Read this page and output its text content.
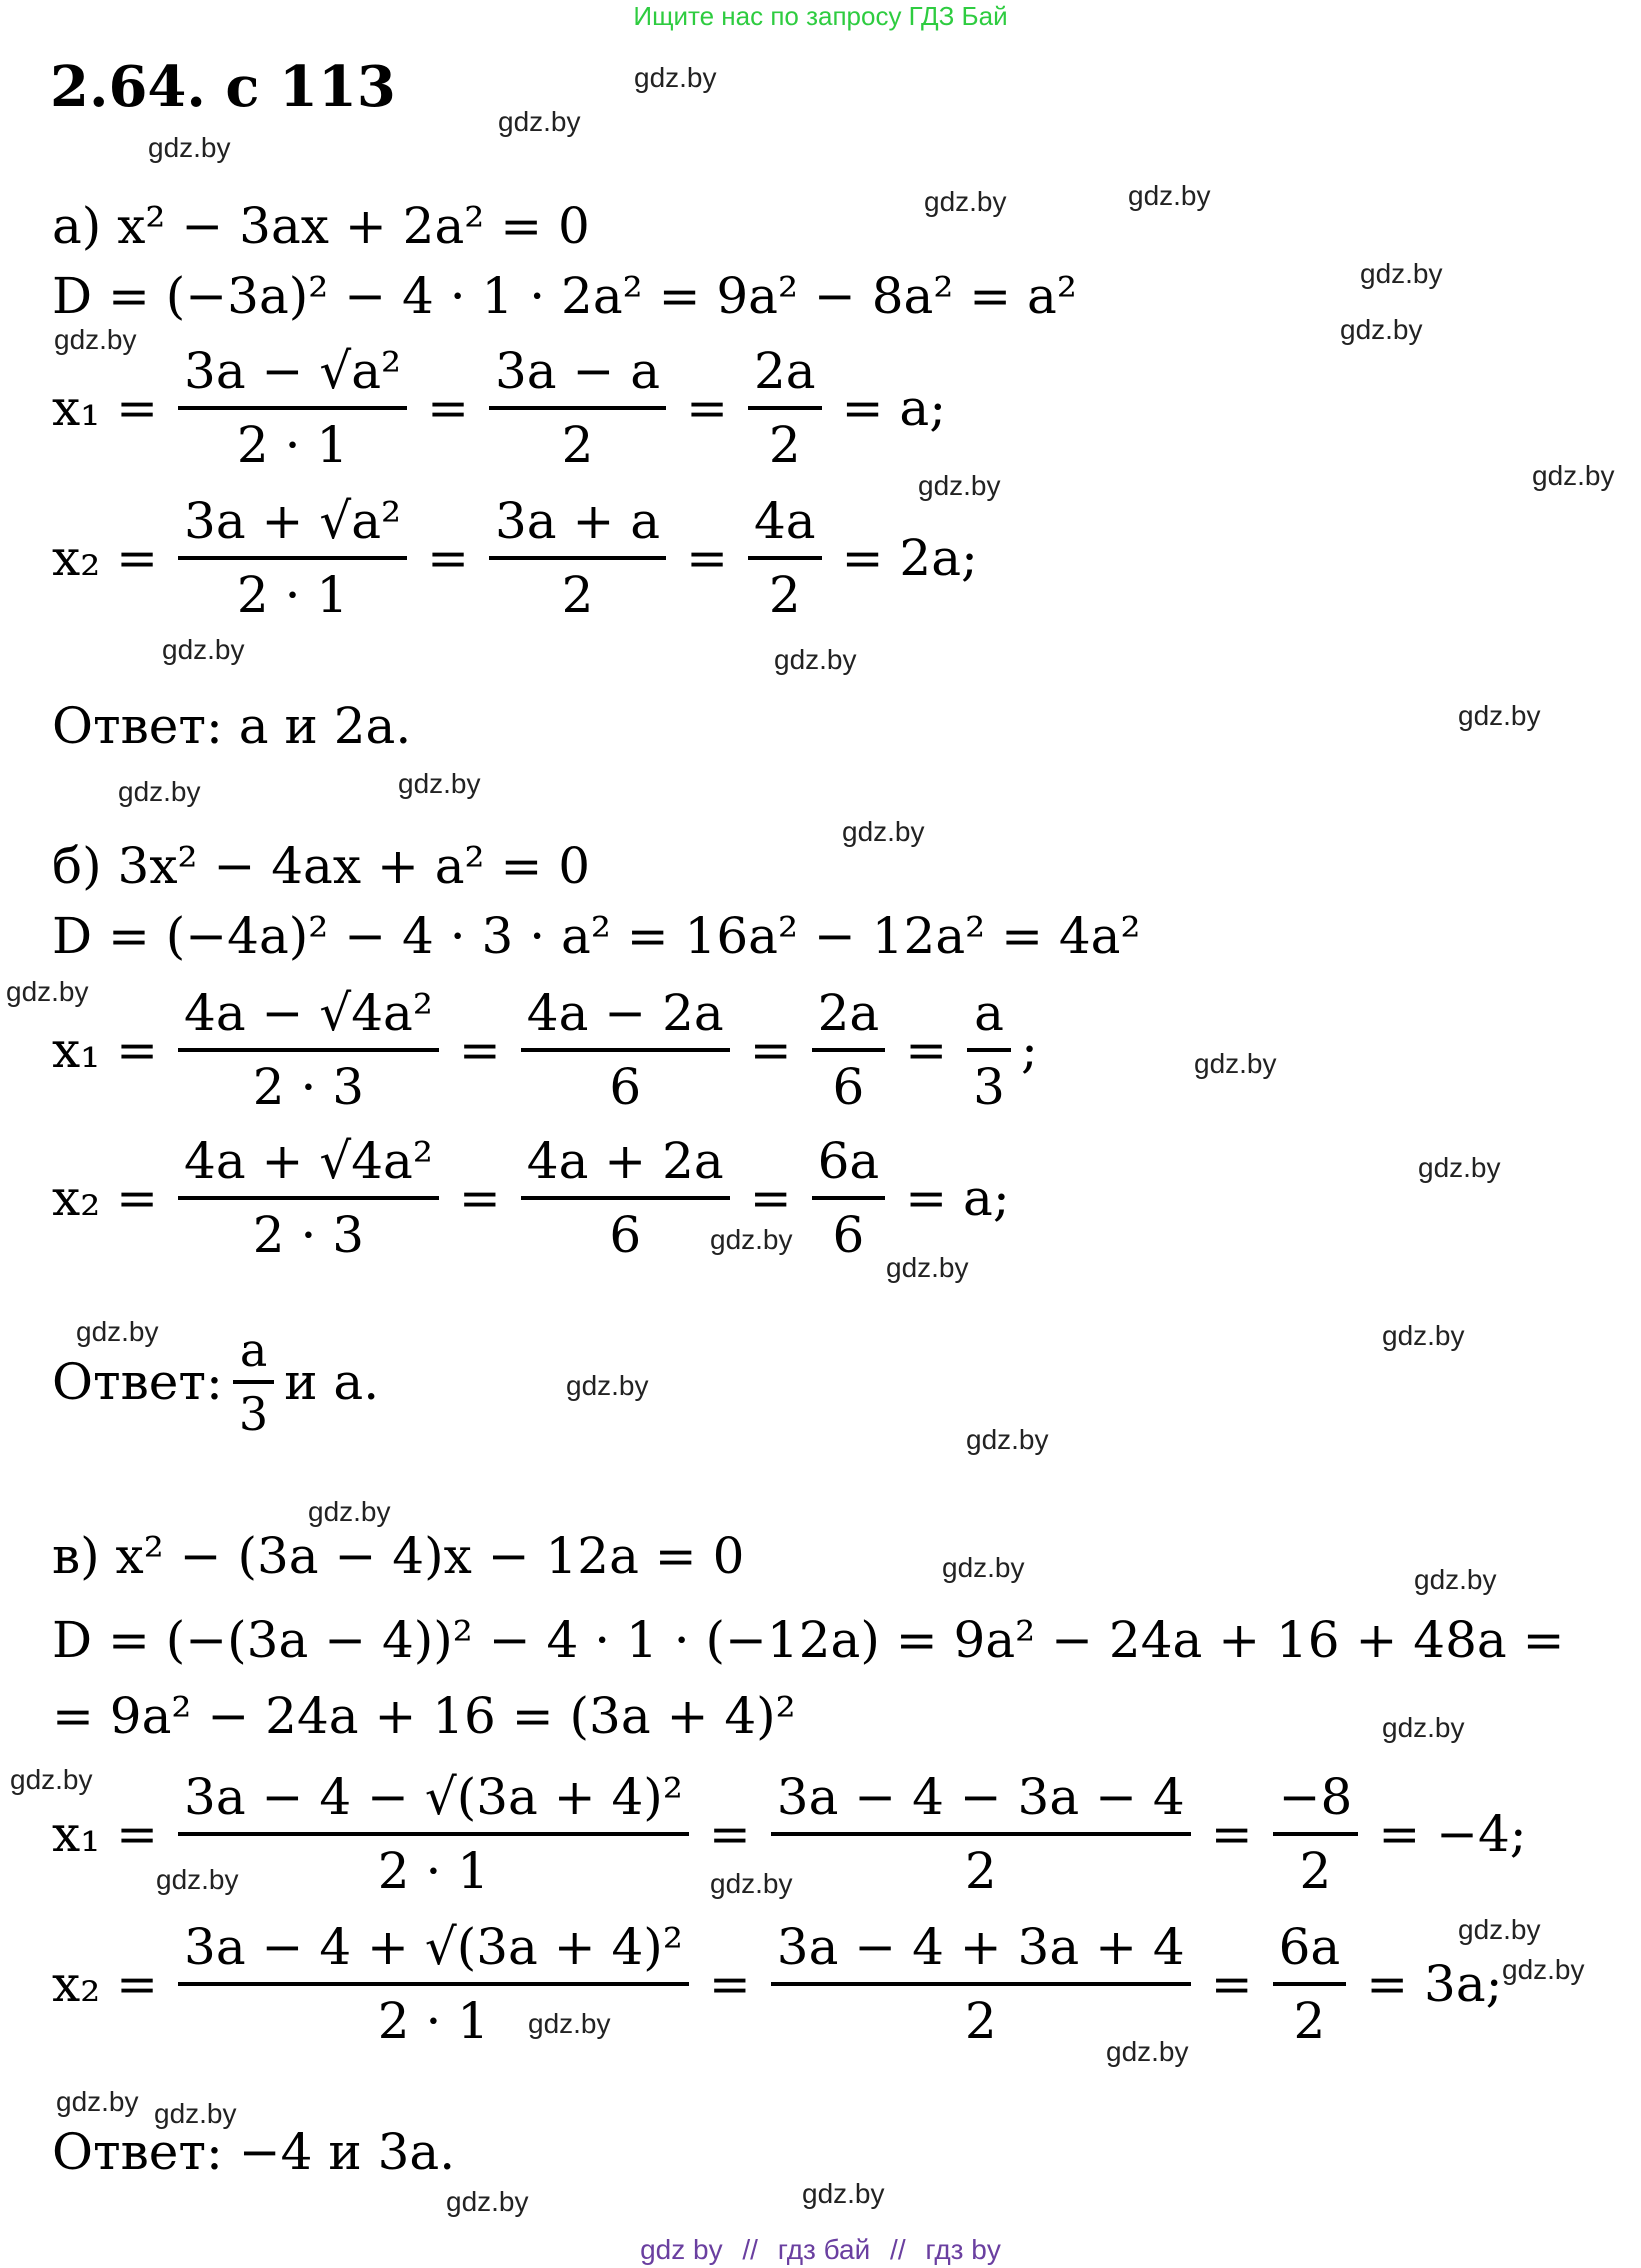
Ищите нас по запросу ГДЗ Бай
2.64. с 113
а) x² − 3ax + 2a² = 0
D = (−3a)² − 4 · 1 · 2a² = 9a² − 8a² = a²
$x_1 = \frac{\text{3a − √a²}}{2 \cdot 1} = \frac{3a - a}{2} = \frac{2a}{2} = a$;
$x_2 = \frac{\text{3a + √a²}}{2 \cdot 1} = \frac{3a + a}{2} = \frac{4a}{2} = 2a$;
Ответ: a и 2a.
б) 3x² − 4ax + a² = 0
D = (−4a)² − 4 · 3 · a² = 16a² − 12a² = 4a²
$x_1 = \frac{\text{4a − √4a²}}{2 \cdot 3} = \frac{4a - 2a}{6} = \frac{2a}{6} = \frac{a}{3}$ ;
$x_2 = \frac{\text{4a + √4a²}}{2 \cdot 3} = \frac{4a + 2a}{6} = \frac{6a}{6} = a$;
Ответ: $\frac{a}{3}$ и a.
в) x² − (3a − 4)x − 12a = 0
D = (−(3a − 4))² − 4 · 1 · (−12a) = 9a² − 24a + 16 + 48a =
= 9a² − 24a + 16 = (3a + 4)²
$x_1 = \frac{\text{3a − 4 − √(3a + 4)²}}{2 \cdot 1} = \frac{3a - 4 - 3a - 4}{2} = \frac{-8}{2} = -4$;
$x_2 = \frac{\text{3a − 4 + √(3a + 4)²}}{2 \cdot 1} = \frac{3a - 4 + 3a + 4}{2} = \frac{6a}{2} = 3a$;
Ответ: −4 и 3a.
gdz.by
gdz.by
gdz.by
gdz.by	gdz.by
gdz.by
gdz.by
gdz.by
gdz.by
gdz.by
gdz.by	gdz.by
gdz.by
gdz.by	gdz.by
gdz.by
gdz.by
gdz.by
gdz.by
gdz.by
gdz.by
gdz.by	gdz.by
gdz.by
gdz.by
gdz.by
gdz.by	gdz.by
gdz.by
gdz.by
gdz.by	gdz.by
gdz.by
gdz.by
gdz.by
gdz.by
gdz.by gdz.by
gdz.by
gdz.by
gdz by // гдз бай // гдз by
